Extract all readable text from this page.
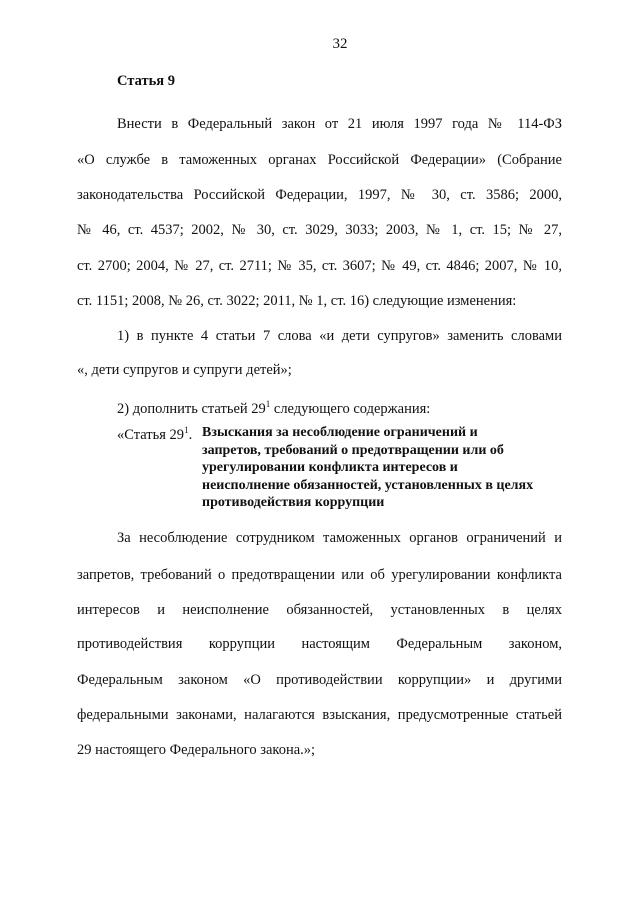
32
Статья 9
Внести в Федеральный закон от 21 июля 1997 года № 114-ФЗ
«О службе в таможенных органах Российской Федерации» (Собрание
законодательства Российской Федерации, 1997, № 30, ст. 3586; 2000,
№ 46, ст. 4537; 2002, № 30, ст. 3029, 3033; 2003, № 1, ст. 15; № 27,
ст. 2700; 2004, № 27, ст. 2711; № 35, ст. 3607; № 49, ст. 4846; 2007, № 10,
ст. 1151; 2008, № 26, ст. 3022; 2011, № 1, ст. 16) следующие изменения:
1) в пункте 4 статьи 7 слова «и дети супругов» заменить словами
«, дети супругов и супруги детей»;
2) дополнить статьей $29^1$ следующего содержания:
«Статья $29^1$. Взыскания за несоблюдение ограничений и
запретов, требований о предотвращении или об
урегулировании конфликта интересов и
неисполнение обязанностей, установленных в целях
противодействия коррупции
За несоблюдение сотрудником таможенных органов ограничений и
запретов, требований о предотвращении или об урегулировании конфликта
интересов и неисполнение обязанностей, установленных в целях
противодействия коррупции настоящим Федеральным законом,
Федеральным законом «О противодействии коррупции» и другими
федеральными законами, налагаются взыскания, предусмотренные статьей
29 настоящего Федерального закона.»;
